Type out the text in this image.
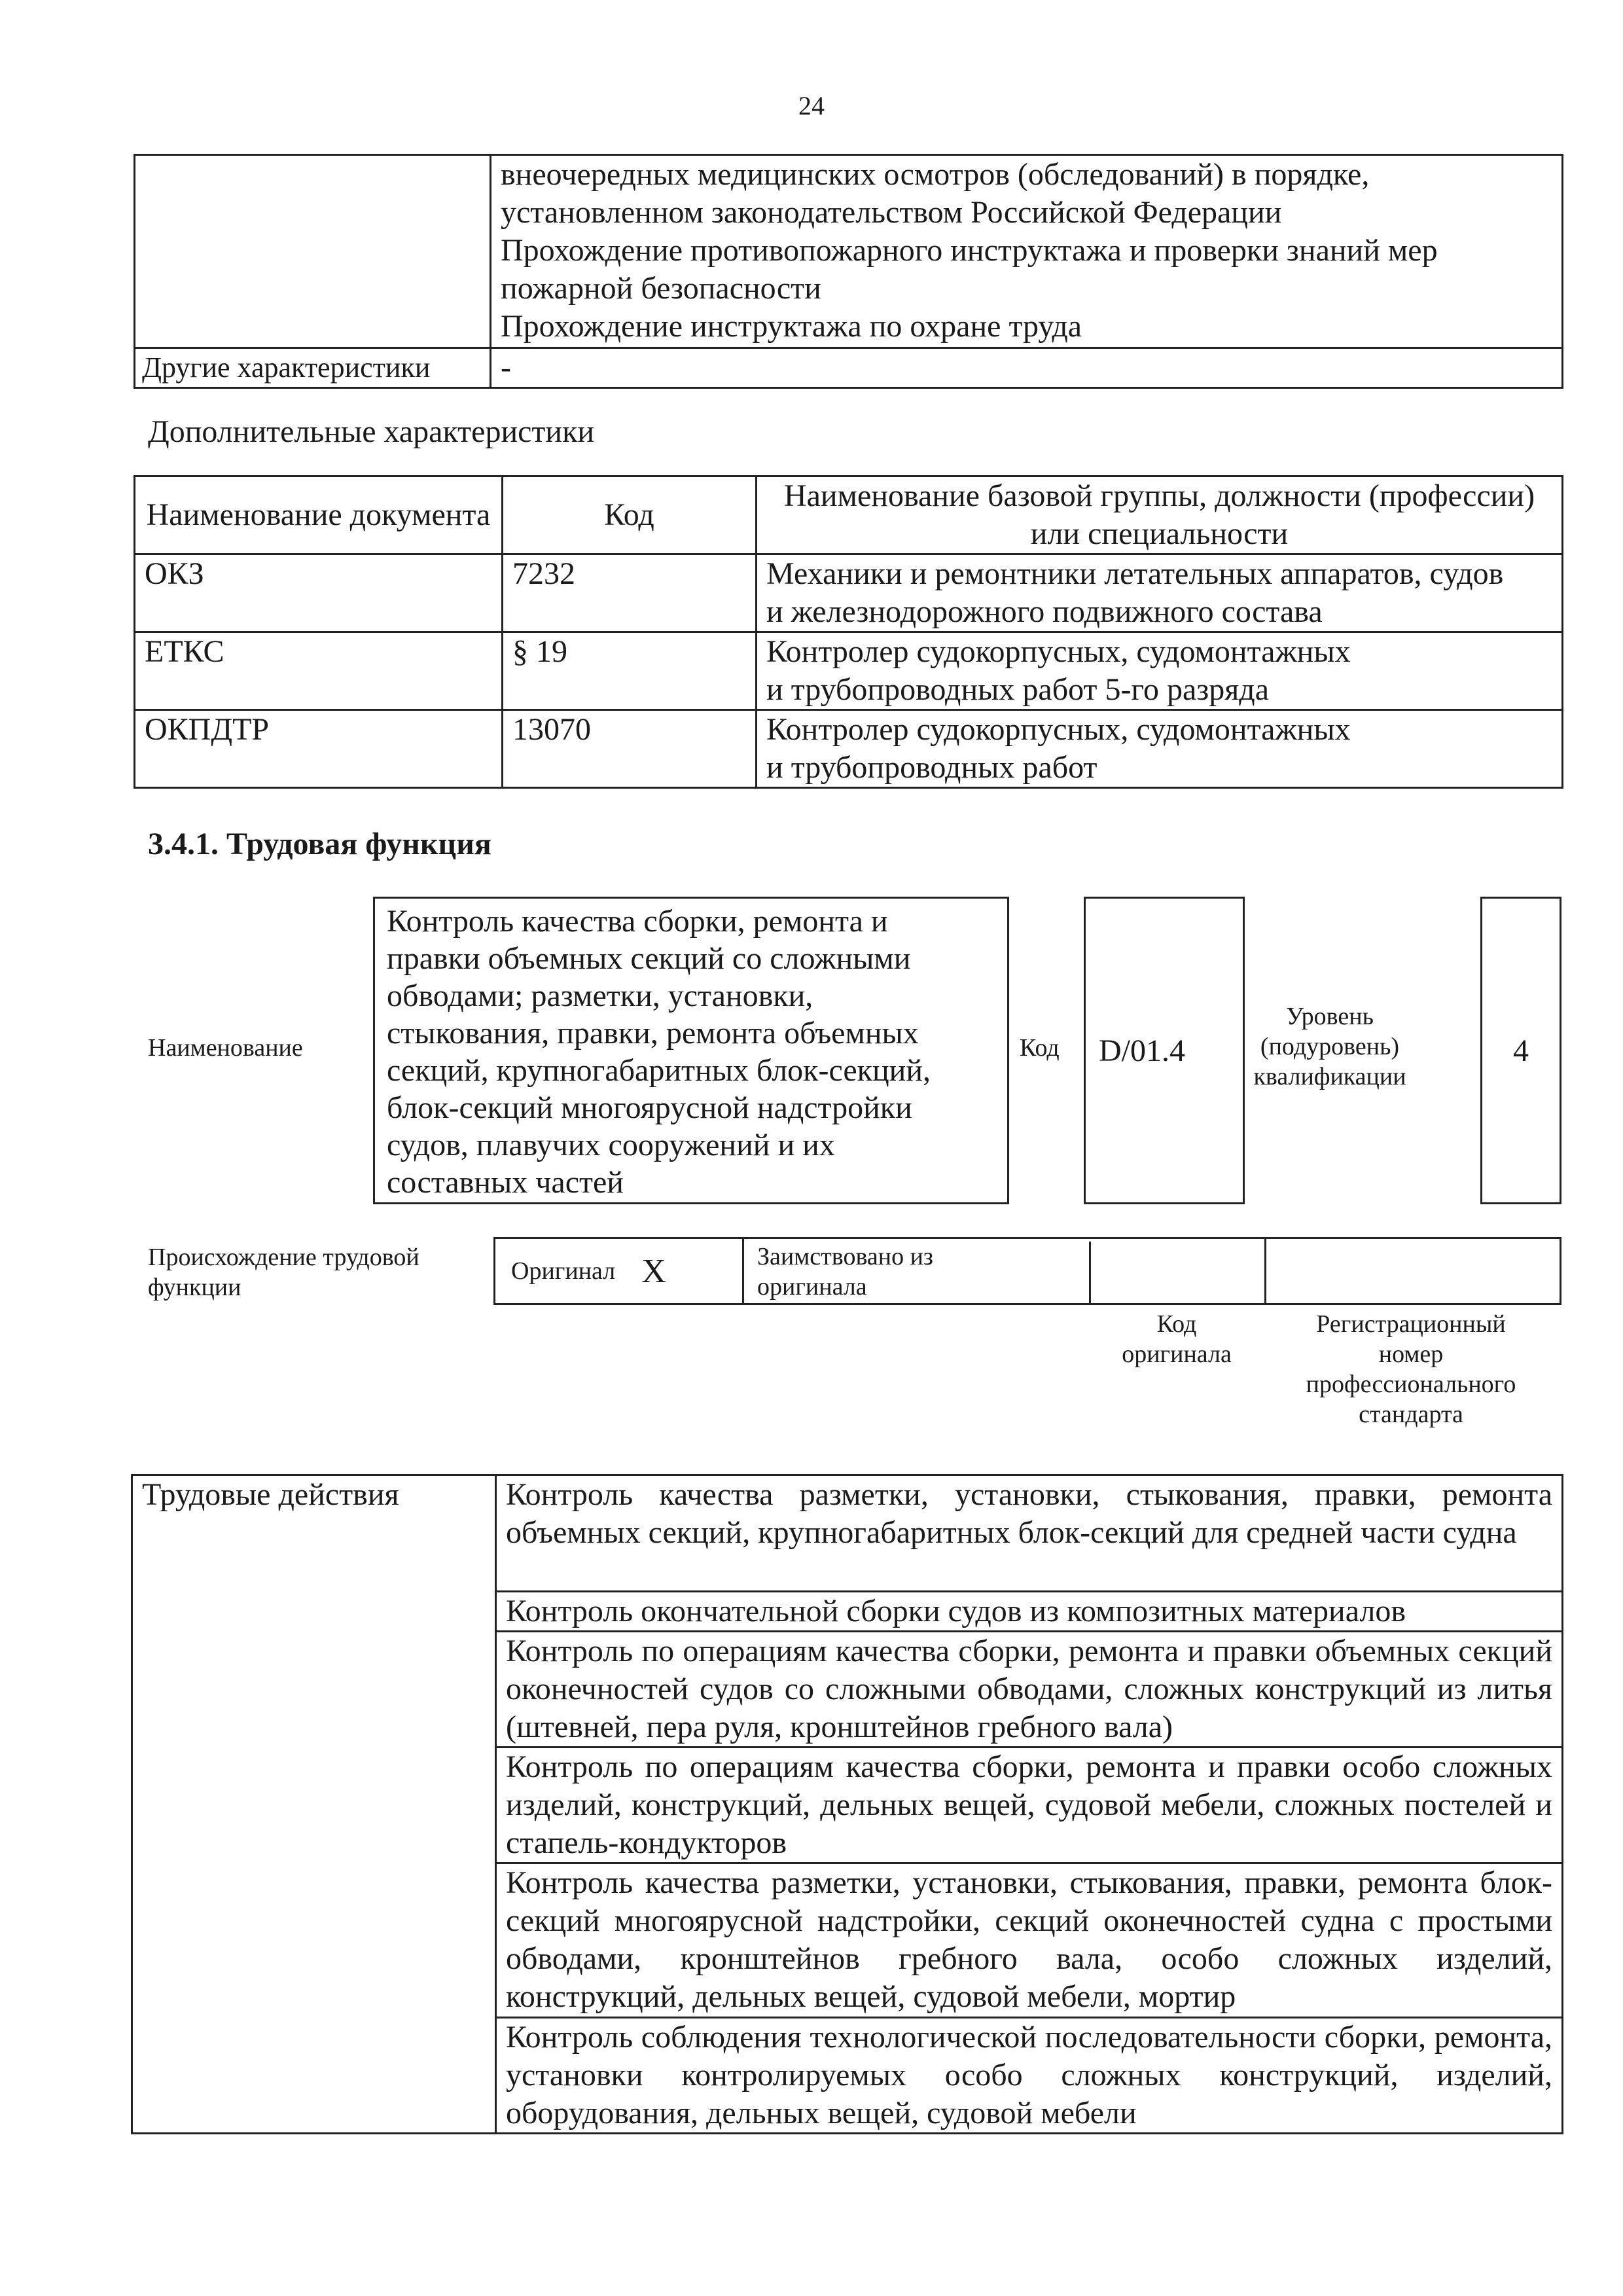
24

	внеочередных медицинских осмотров (обследований) в порядке,
установленном законодательством Российской Федерации
Прохождение противопожарного инструктажа и проверки знаний мер
пожарной безопасности
Прохождение инструктажа по охране труда

Другие характеристики	-
Дополнительные характеристики
Наименование документа	Код	Наименование базовой группы, должности (профессии) или специальности
ОКЗ	7232	Механики и ремонтники летательных аппаратов, судов
и железнодорожного подвижного состава

ЕТКС	§ 19	Контролер судокорпусных, судомонтажных
и трубопроводных работ 5-го разряда

ОКПДТР	13070	Контролер судокорпусных, судомонтажных
и трубопроводных работ
3.4.1. Трудовая функция
Наименование
Контроль качества сборки, ремонта и
правки объемных секций со сложными
обводами; разметки, установки,
стыкования, правки, ремонта объемных
секций, крупногабаритных блок-секций,
блок-секций многоярусной надстройки
судов, плавучих сооружений и их
составных частей
Код D/01.4
Уровень
(подуровень)
квалификации
4
Происхождение трудовой
функции
Оригинал X	Заимствовано из
оригинала
Код
оригинала
Регистрационный
номер
профессионального
стандарта
Трудовые действия	Контроль качества разметки, установки, стыкования, правки, ремонта объемных секций, крупногабаритных блок-секций для средней части судна
Контроль окончательной сборки судов из композитных материалов
Контроль по операциям качества сборки, ремонта и правки объемных секций оконечностей судов со сложными обводами, сложных конструкций из литья (штевней, пера руля, кронштейнов гребного вала)
Контроль по операциям качества сборки, ремонта и правки особо сложных изделий, конструкций, дельных вещей, судовой мебели, сложных постелей и стапель-кондукторов
Контроль качества разметки, установки, стыкования, правки, ремонта блок-секций многоярусной надстройки, секций оконечностей судна с простыми обводами, кронштейнов гребного вала, особо сложных изделий, конструкций, дельных вещей, судовой мебели, мортир
Контроль соблюдения технологической последовательности сборки, ремонта, установки контролируемых особо сложных конструкций, изделий, оборудования, дельных вещей, судовой мебели
